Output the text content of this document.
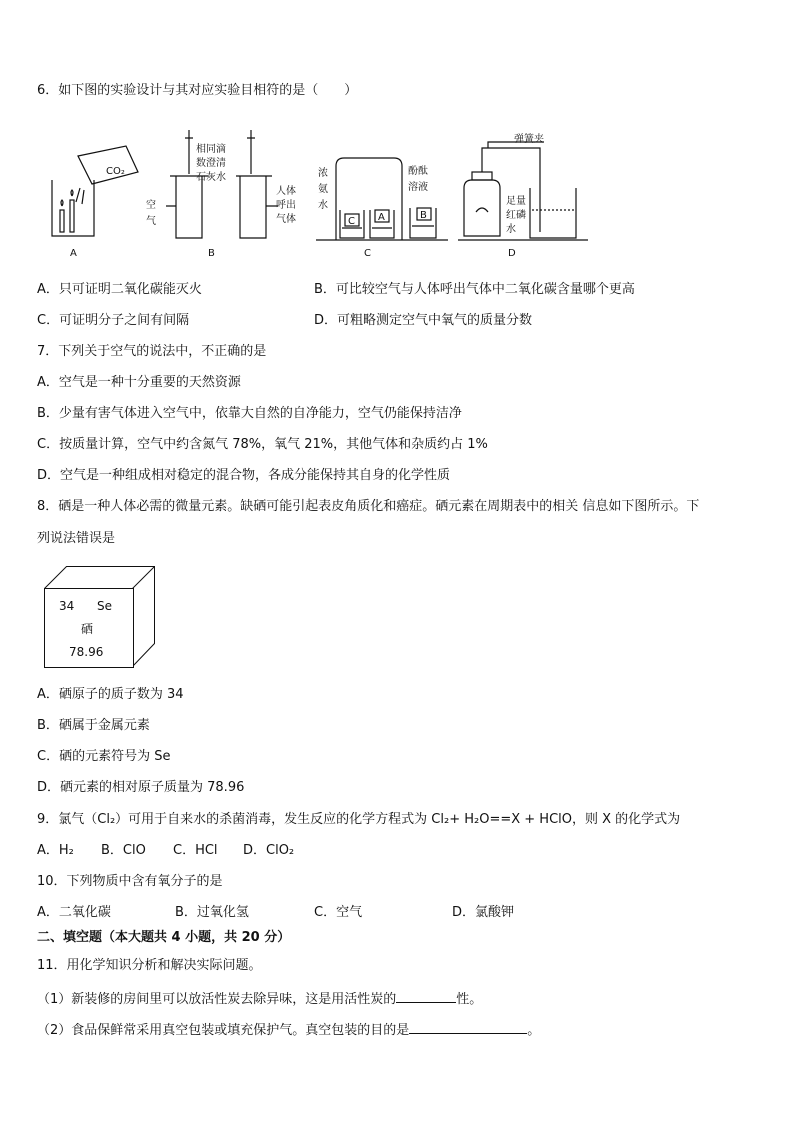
6．如下图的实验设计与其对应实验目相符的是（　　）
A	B	C	D
CO₂
相同滴
数澄清
石灰水
空
气
人体
呼出
气体
浓
氨
水
酚酞
溶液
C A	B
弹簧夹
足量
红磷
水
A．只可证明二氧化碳能灭火	B．可比较空气与人体呼出气体中二氧化碳含量哪个更高
C．可证明分子之间有间隔	D．可粗略测定空气中氧气的质量分数
7．下列关于空气的说法中，不正确的是
A．空气是一种十分重要的天然资源
B．少量有害气体进入空气中，依靠大自然的自净能力，空气仍能保持洁净
C．按质量计算，空气中约含氮气 78%，氧气 21%，其他气体和杂质约占 1%
D．空气是一种组成相对稳定的混合物，各成分能保持其自身的化学性质
8．硒是一种人体必需的微量元素。缺硒可能引起表皮角质化和癌症。硒元素在周期表中的相关 信息如下图所示。下
列说法错误是
34 Se
硒
78.96
A．硒原子的质子数为 34
B．硒属于金属元素
C．硒的元素符号为 Se
D．硒元素的相对原子质量为 78.96
9．氯气（Cl₂）可用于自来水的杀菌消毒，发生反应的化学方程式为 Cl₂+ H₂O==X + HClO，则 X 的化学式为
A．H₂ B．ClO C．HCl D．ClO₂
10．下列物质中含有氧分子的是
A．二氧化碳	B．过氧化氢	C．空气	D．氯酸钾
二、填空题（本大题共 4 小题，共 20 分）
11．用化学知识分析和解决实际问题。
（1）新装修的房间里可以放活性炭去除异味，这是用活性炭的	性。
（2）食品保鲜常采用真空包装或填充保护气。真空包装的目的是	。
